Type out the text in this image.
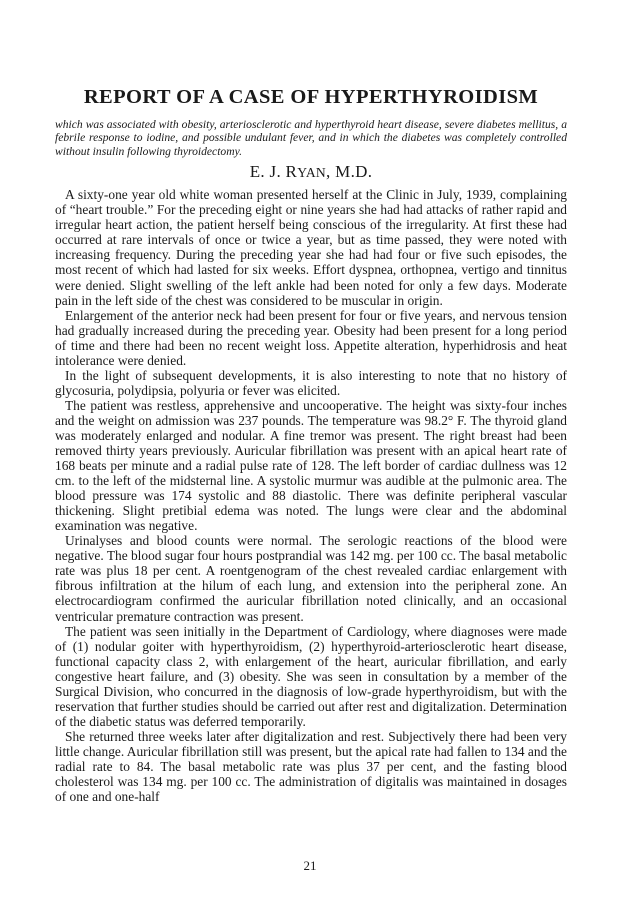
REPORT OF A CASE OF HYPERTHYROIDISM

which was associated with obesity, arteriosclerotic and hyperthyroid heart disease, severe diabetes mellitus, a febrile response to iodine, and possible undulant fever, and in which the diabetes was completely controlled without insulin following thyroidectomy.

E. J. RYAN, M.D.

A sixty-one year old white woman presented herself at the Clinic in July, 1939, complaining of “heart trouble.” For the preceding eight or nine years she had had attacks of rather rapid and irregular heart action, the patient herself being conscious of the irregularity. At first these had occurred at rare intervals of once or twice a year, but as time passed, they were noted with increasing frequency. During the preceding year she had had four or five such episodes, the most recent of which had lasted for six weeks. Effort dyspnea, orthopnea, vertigo and tinnitus were denied. Slight swelling of the left ankle had been noted for only a few days. Moderate pain in the left side of the chest was considered to be muscular in origin.

Enlargement of the anterior neck had been present for four or five years, and nervous tension had gradually increased during the preceding year. Obesity had been present for a long period of time and there had been no recent weight loss. Appetite alteration, hyperhidrosis and heat intolerance were denied.

In the light of subsequent developments, it is also interesting to note that no history of glycosuria, polydipsia, polyuria or fever was elicited.

The patient was restless, apprehensive and uncooperative. The height was sixty-four inches and the weight on admission was 237 pounds. The temperature was 98.2° F. The thyroid gland was moderately enlarged and nodular. A fine tremor was present. The right breast had been removed thirty years previously. Auricular fibrillation was present with an apical heart rate of 168 beats per minute and a radial pulse rate of 128. The left border of cardiac dullness was 12 cm. to the left of the midsternal line. A systolic murmur was audible at the pulmonic area. The blood pressure was 174 systolic and 88 diastolic. There was definite peripheral vascular thickening. Slight pretibial edema was noted. The lungs were clear and the abdominal examination was negative.

Urinalyses and blood counts were normal. The serologic reactions of the blood were negative. The blood sugar four hours postprandial was 142 mg. per 100 cc. The basal metabolic rate was plus 18 per cent. A roentgenogram of the chest revealed cardiac enlargement with fibrous infiltration at the hilum of each lung, and extension into the peripheral zone. An electrocardiogram confirmed the auricular fibrillation noted clinically, and an occasional ventricular premature contraction was present.

The patient was seen initially in the Department of Cardiology, where diagnoses were made of (1) nodular goiter with hyperthyroidism, (2) hyperthyroid-arteriosclerotic heart disease, functional capacity class 2, with enlargement of the heart, auricular fibrillation, and early congestive heart failure, and (3) obesity. She was seen in consultation by a member of the Surgical Division, who concurred in the diagnosis of low-grade hyperthyroidism, but with the reservation that further studies should be carried out after rest and digitalization. Determination of the diabetic status was deferred temporarily.

She returned three weeks later after digitalization and rest. Subjectively there had been very little change. Auricular fibrillation still was present, but the apical rate had fallen to 134 and the radial rate to 84. The basal metabolic rate was plus 37 per cent, and the fasting blood cholesterol was 134 mg. per 100 cc. The administration of digitalis was maintained in dosages of one and one-half

21
